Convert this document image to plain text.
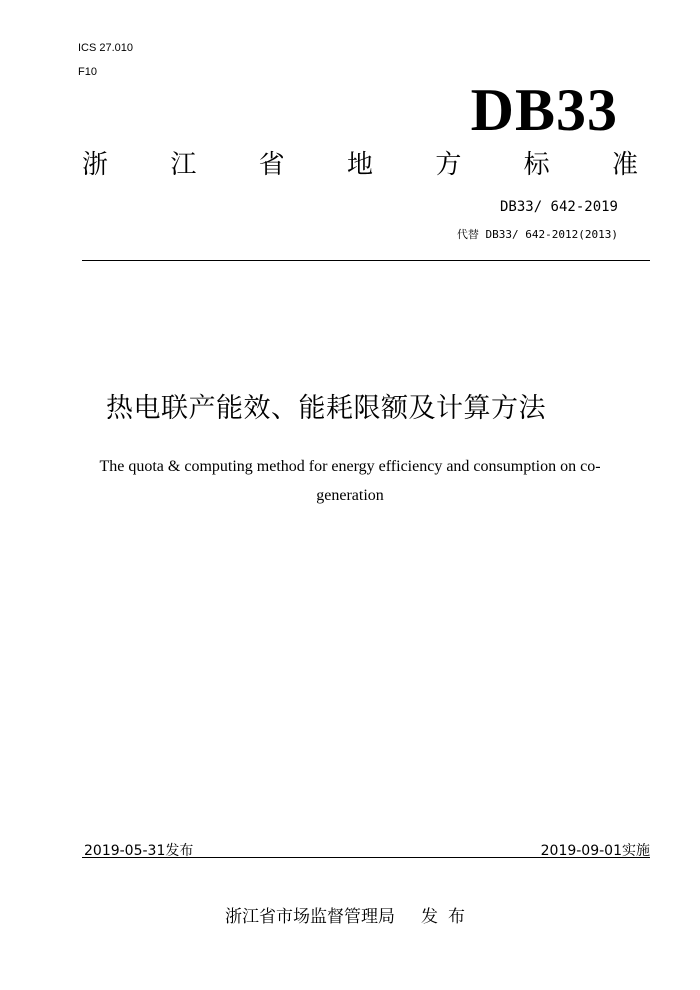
ICS 27.010
F10
DB33
浙 江 省 地 方 标 准
DB33/ 642-2019
代替 DB33/ 642-2012(2013)
热电联产能效、能耗限额及计算方法
The quota & computing method for energy efficiency and consumption on co-generation
2019-05-31发布	2019-09-01实施
浙江省市场监督管理局 发布
